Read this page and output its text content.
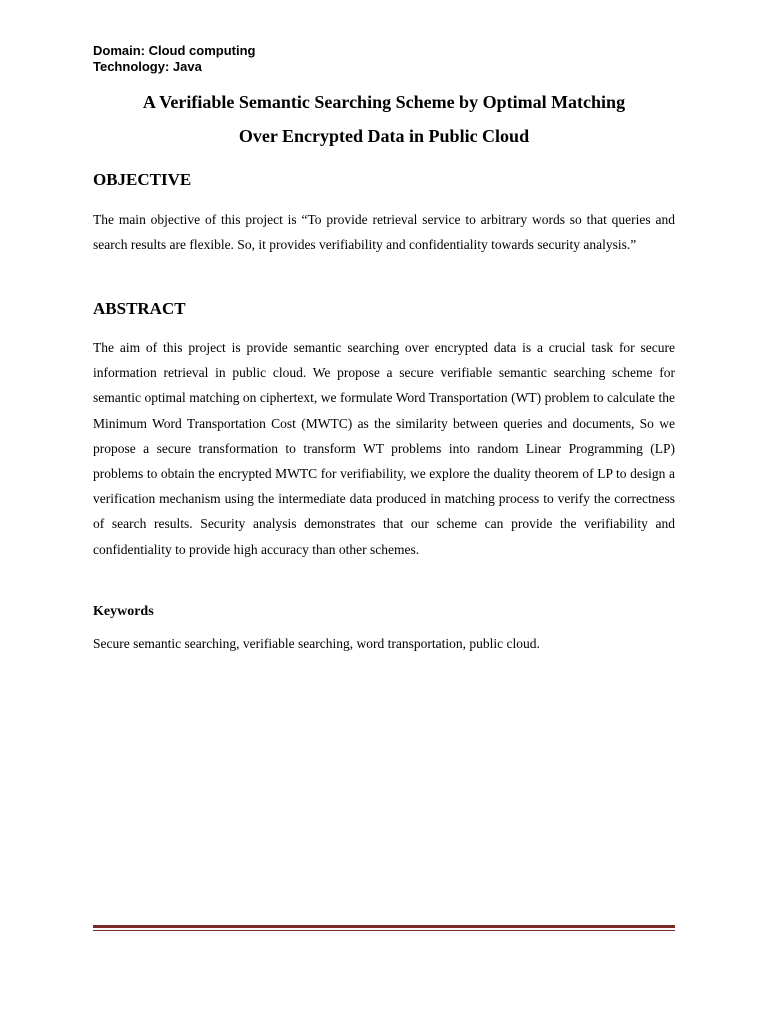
Domain: Cloud computing
Technology: Java
A Verifiable Semantic Searching Scheme by Optimal Matching
Over Encrypted Data in Public Cloud
OBJECTIVE
The main objective of this project is “To provide retrieval service to arbitrary words so that queries and search results are flexible. So, it provides verifiability and confidentiality towards security analysis.”
ABSTRACT
The aim of this project is provide semantic searching over encrypted data is a crucial task for secure information retrieval in public cloud. We propose a secure verifiable semantic searching scheme for semantic optimal matching on ciphertext, we formulate Word Transportation (WT) problem to calculate the Minimum Word Transportation Cost (MWTC) as the similarity between queries and documents, So we propose a secure transformation to transform WT problems into random Linear Programming (LP) problems to obtain the encrypted MWTC for verifiability, we explore the duality theorem of LP to design a verification mechanism using the intermediate data produced in matching process to verify the correctness of search results. Security analysis demonstrates that our scheme can provide the verifiability and confidentiality to provide high accuracy than other schemes.
Keywords
Secure semantic searching, verifiable searching, word transportation, public cloud.
